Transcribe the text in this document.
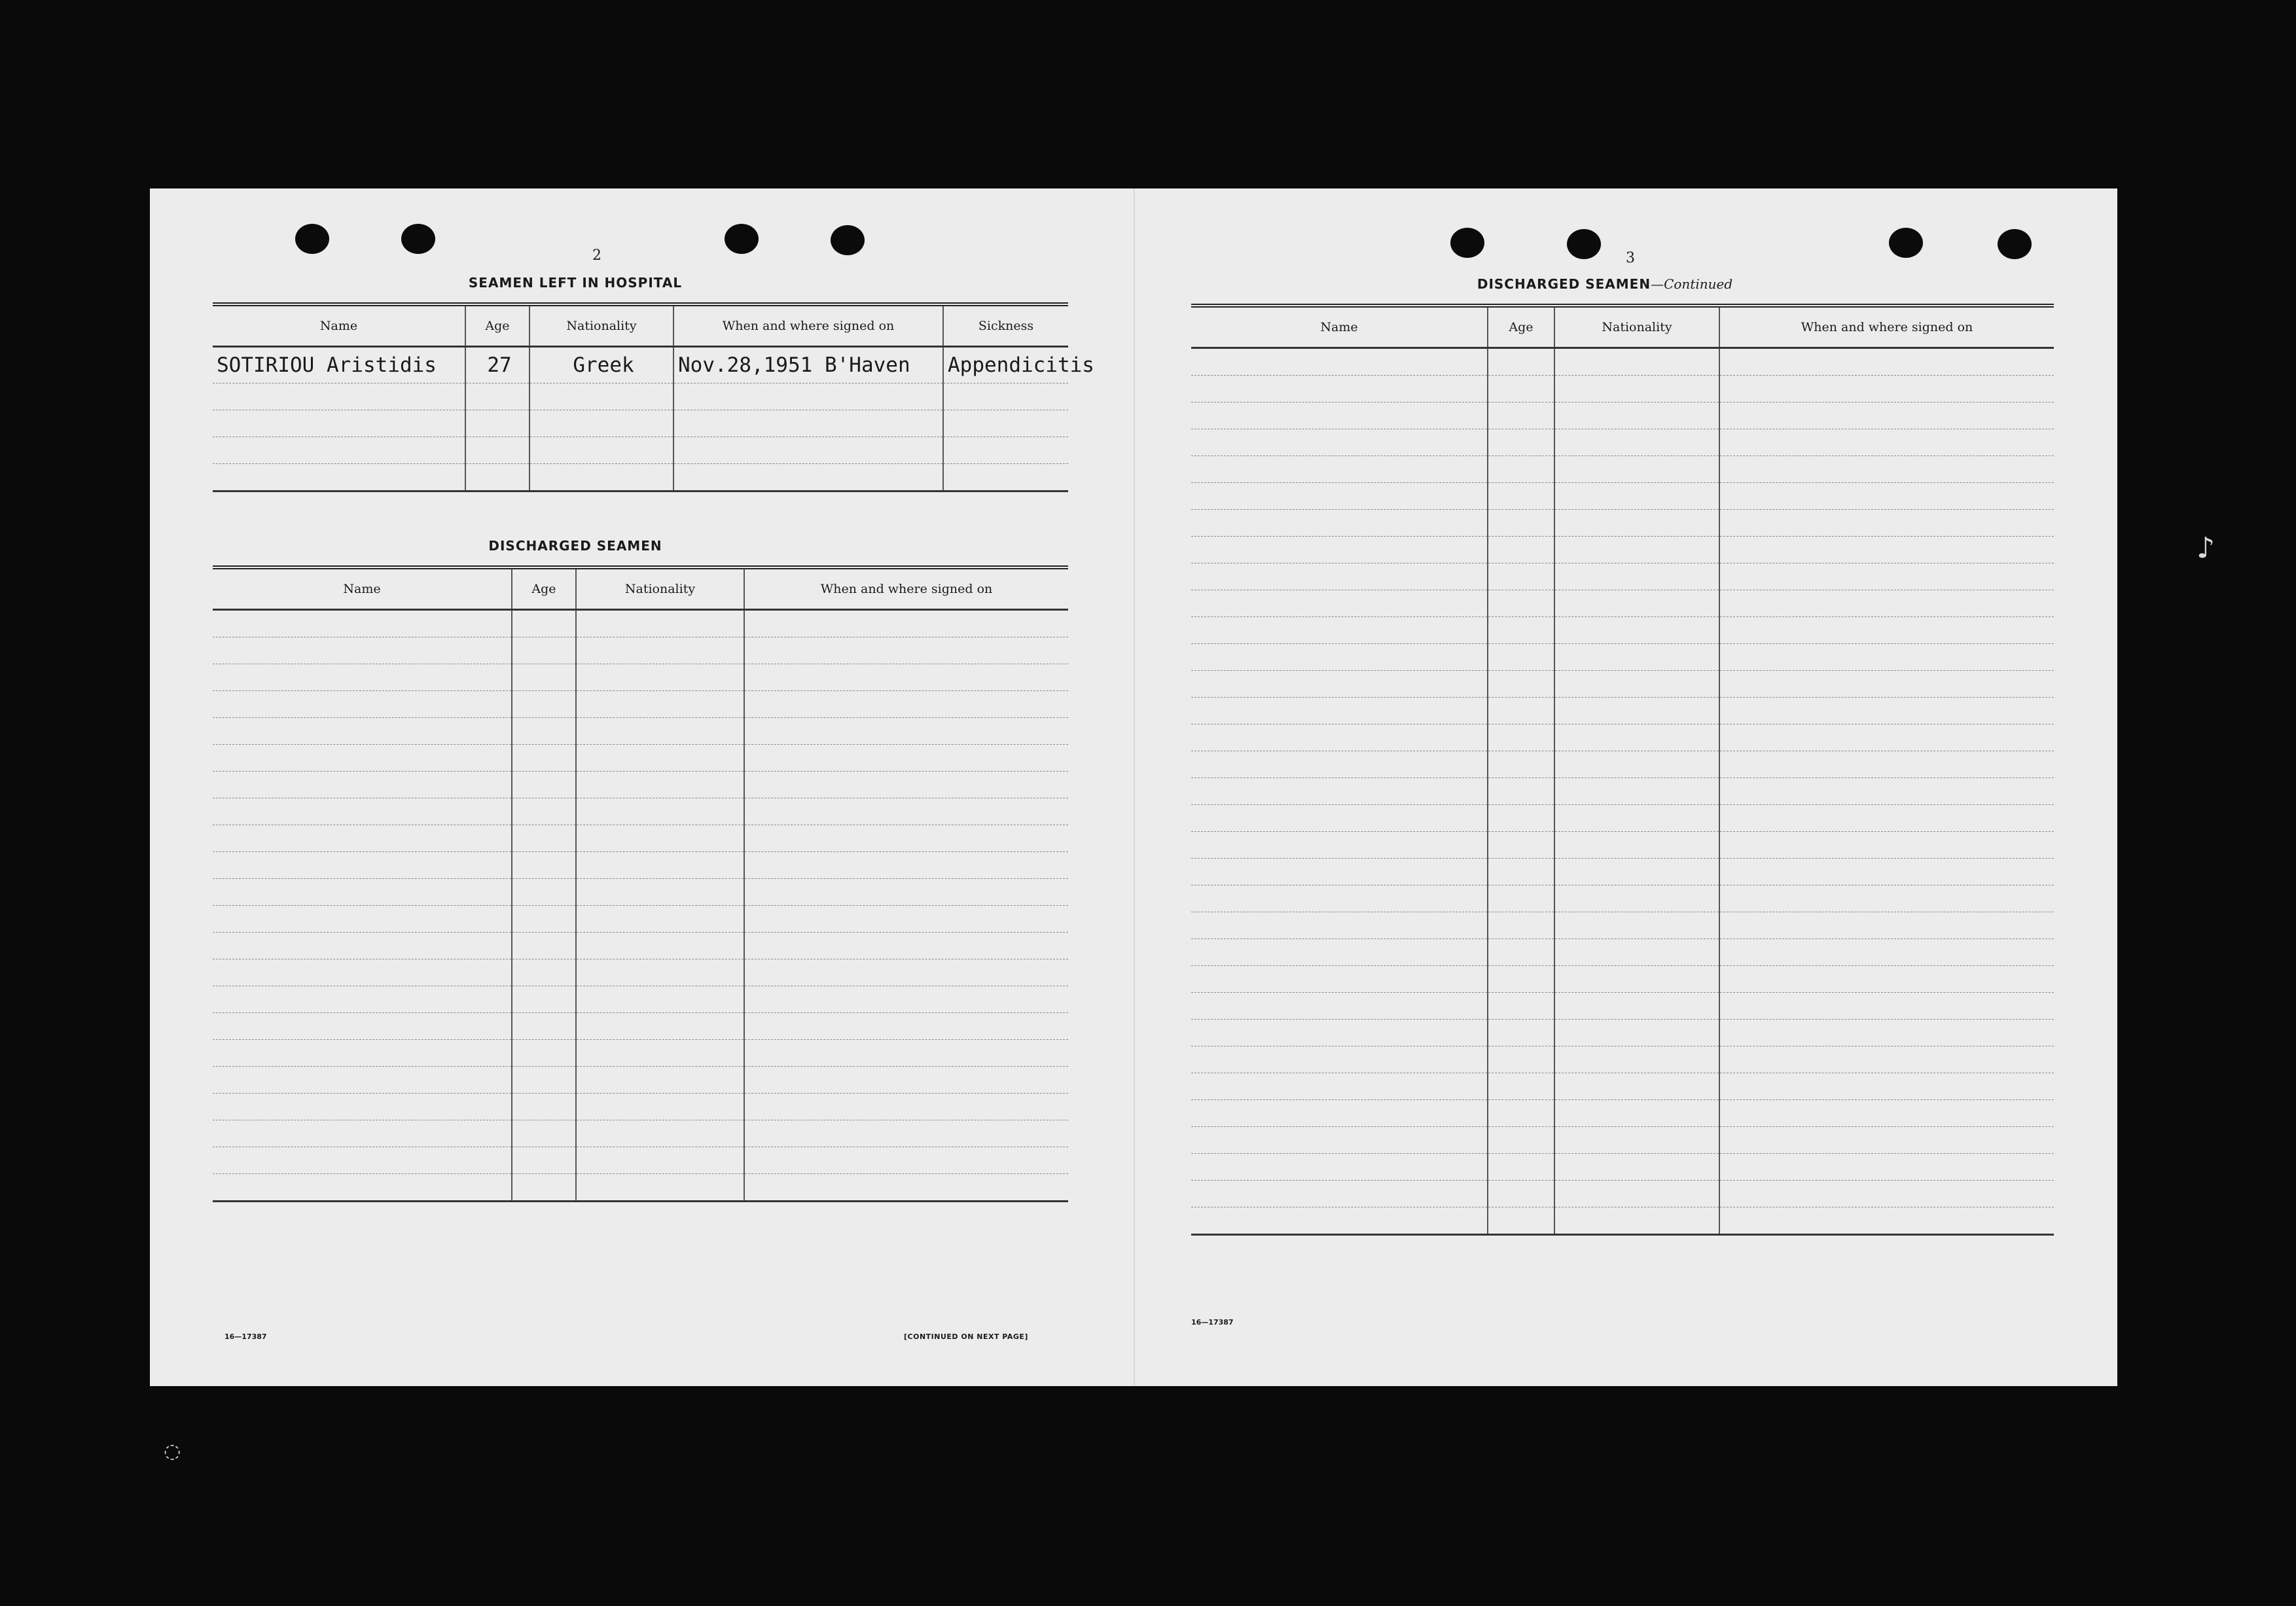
2
SEAMEN LEFT IN HOSPITAL
Name	Age	Nationality	When and where signed on	Sickness
SOTIRIOU Aristidis	27	Greek	Nov.28,1951 B'Haven	Appendicitis

DISCHARGED SEAMEN
Name	Age	Nationality	When and where signed on

16—17387	[CONTINUED ON NEXT PAGE]
3
DISCHARGED SEAMEN—Continued
Name	Age	Nationality	When and where signed on

16—17387
♪
◌
